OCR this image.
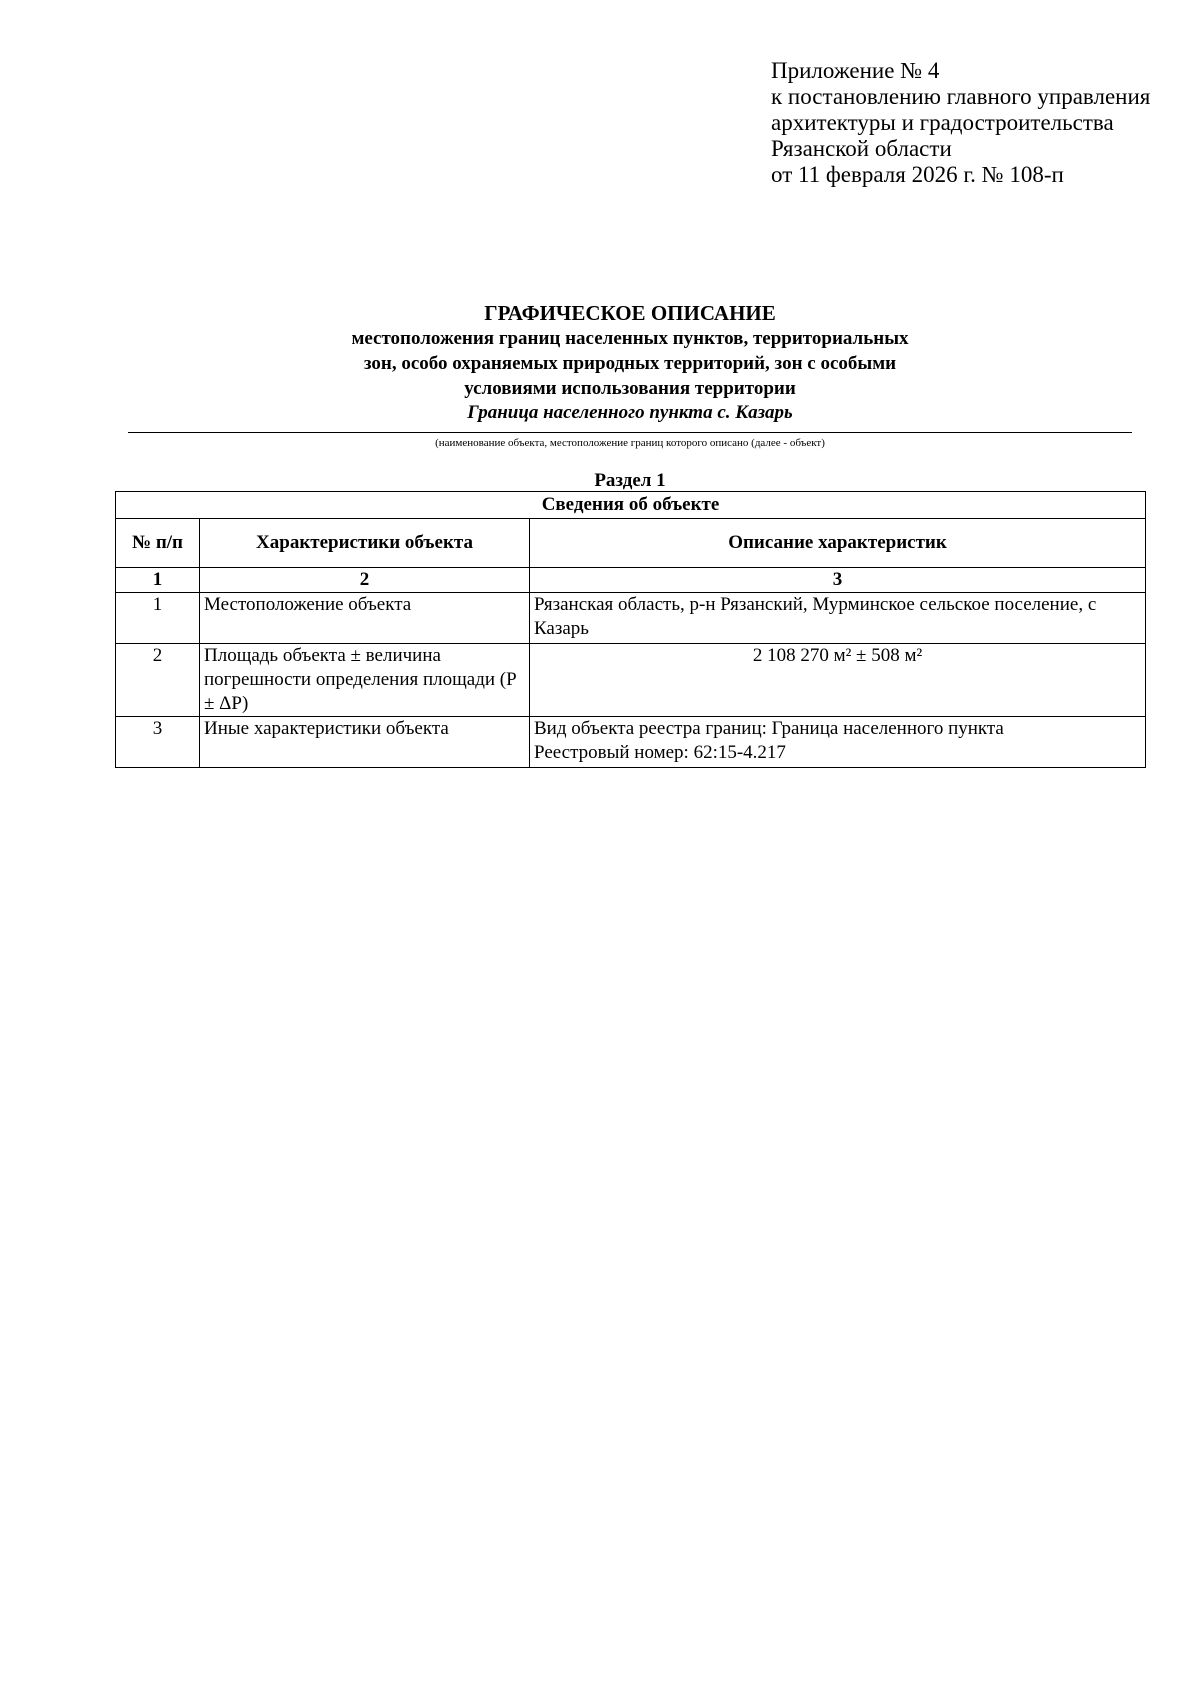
Приложение № 4
к постановлению главного управления
архитектуры и градостроительства
Рязанской области
от 11 февраля 2026 г. № 108-п
ГРАФИЧЕСКОЕ ОПИСАНИЕ
местоположения границ населенных пунктов, территориальных
зон, особо охраняемых природных территорий, зон с особыми
условиями использования территории
Граница населенного пункта с. Казарь
(наименование объекта, местоположение границ которого описано (далее - объект)
Раздел 1
Сведения об объекте		
№ п/п	Характеристики объекта	Описание характеристик
1	2	3
1	Местоположение объекта	Рязанская область, р-н Рязанский, Мурминское сельское поселение, с Казарь

2	Площадь объекта ± величина погрешности определения площади (P ± ΔP)	2 108 270 м² ± 508 м²

3	Иные характеристики объекта	Вид объекта реестра границ: Граница населенного пункта
Реестровый номер: 62:15-4.217
